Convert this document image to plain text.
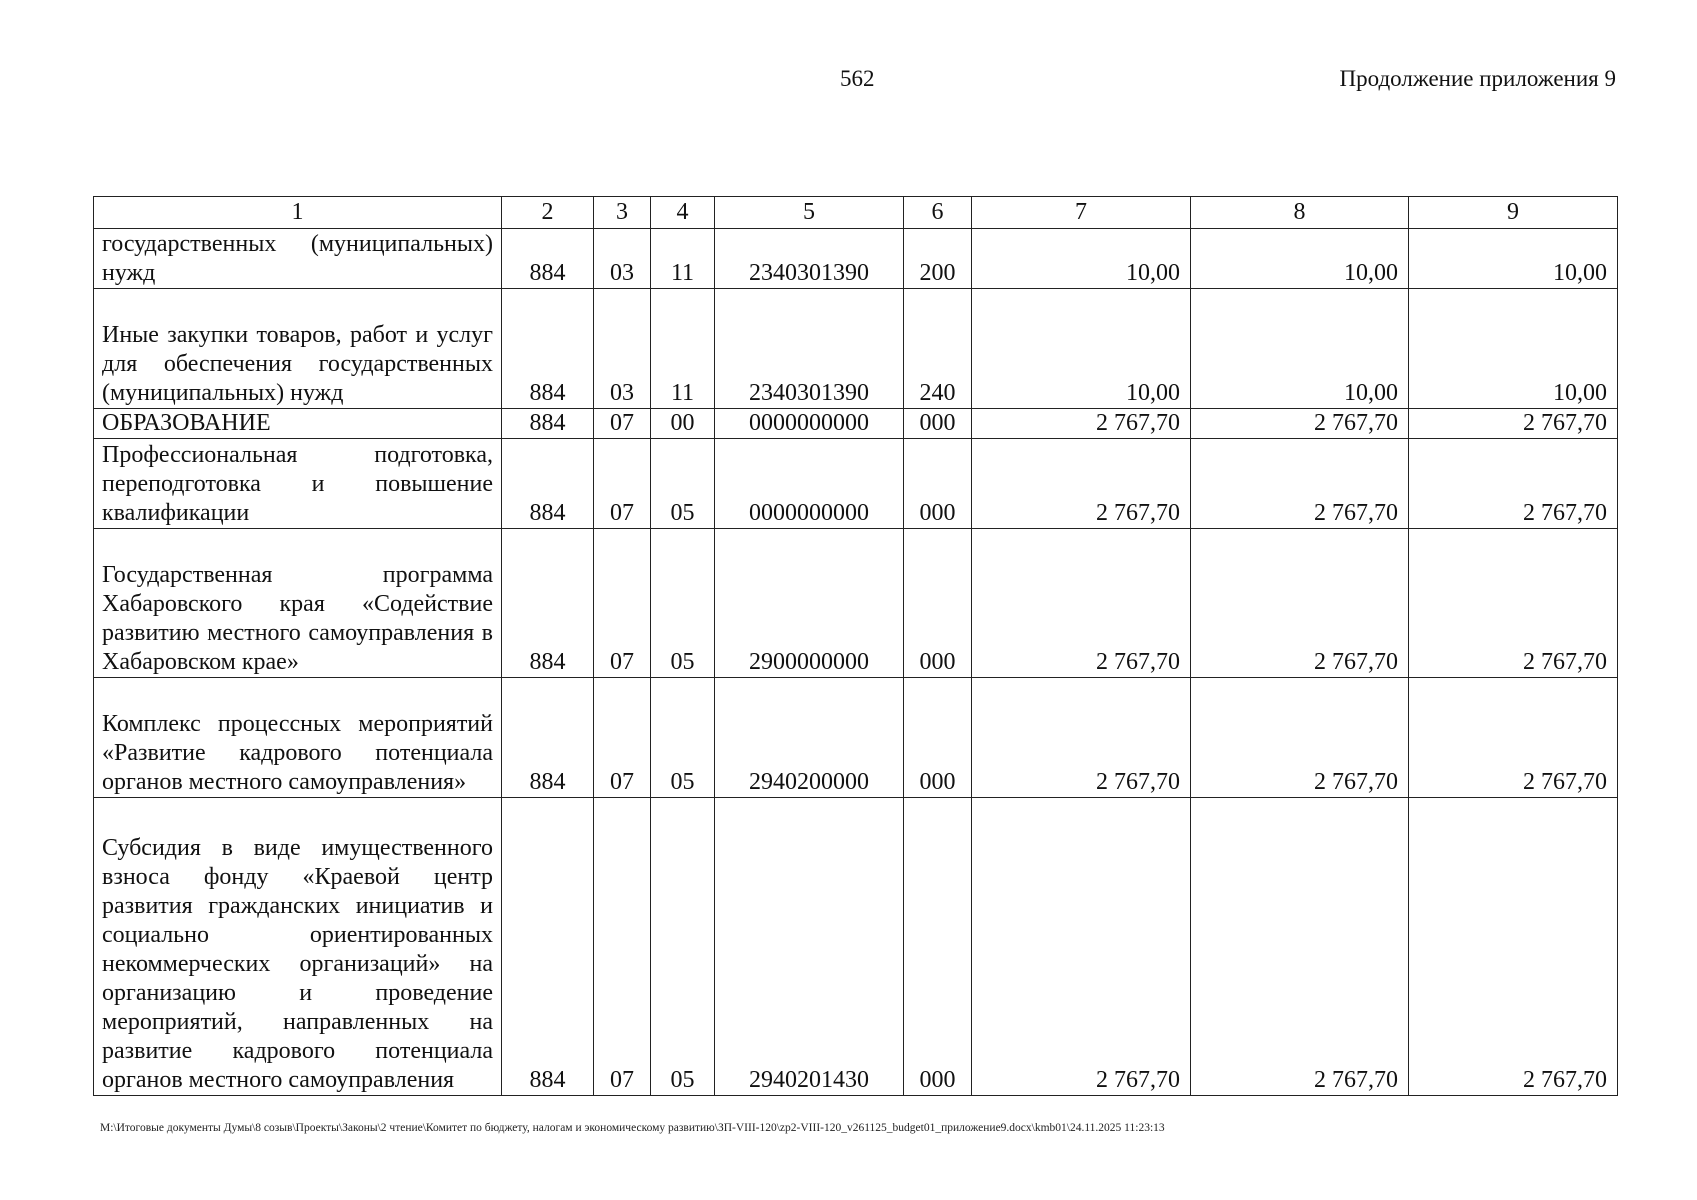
562	Продолжение приложения 9
1	2	3	4	5	6	7	8	9
государственных (муниципальных) нужд	884	03	11	2340301390	200	10,00	10,00	10,00
Иные закупки товаров, работ и услуг для обеспечения государственных (муниципальных) нужд	884	03	11	2340301390	240	10,00	10,00	10,00
ОБРАЗОВАНИЕ	884	07	00	0000000000	000	2 767,70	2 767,70	2 767,70
Профессиональная подготовка, переподготовка и повышение квалификации	884	07	05	0000000000	000	2 767,70	2 767,70	2 767,70
Государственная программа Хабаровского края «Содействие развитию местного самоуправления в Хабаровском крае»	884	07	05	2900000000	000	2 767,70	2 767,70	2 767,70
Комплекс процессных мероприятий «Развитие кадрового потенциала органов местного самоуправления»	884	07	05	2940200000	000	2 767,70	2 767,70	2 767,70
Субсидия в виде имущественного взноса фонду «Краевой центр развития гражданских инициатив и социально ориентированных некоммерческих организаций» на организацию и проведение мероприятий, направленных на развитие кадрового потенциала органов местного самоуправления	884	07	05	2940201430	000	2 767,70	2 767,70	2 767,70
M:\Итоговые документы Думы\8 созыв\Проекты\Законы\2 чтение\Комитет по бюджету, налогам и экономическому развитию\ЗП-VIII-120\zp2-VIII-120_v261125_budget01_приложение9.docx\kmb01\24.11.2025 11:23:13
